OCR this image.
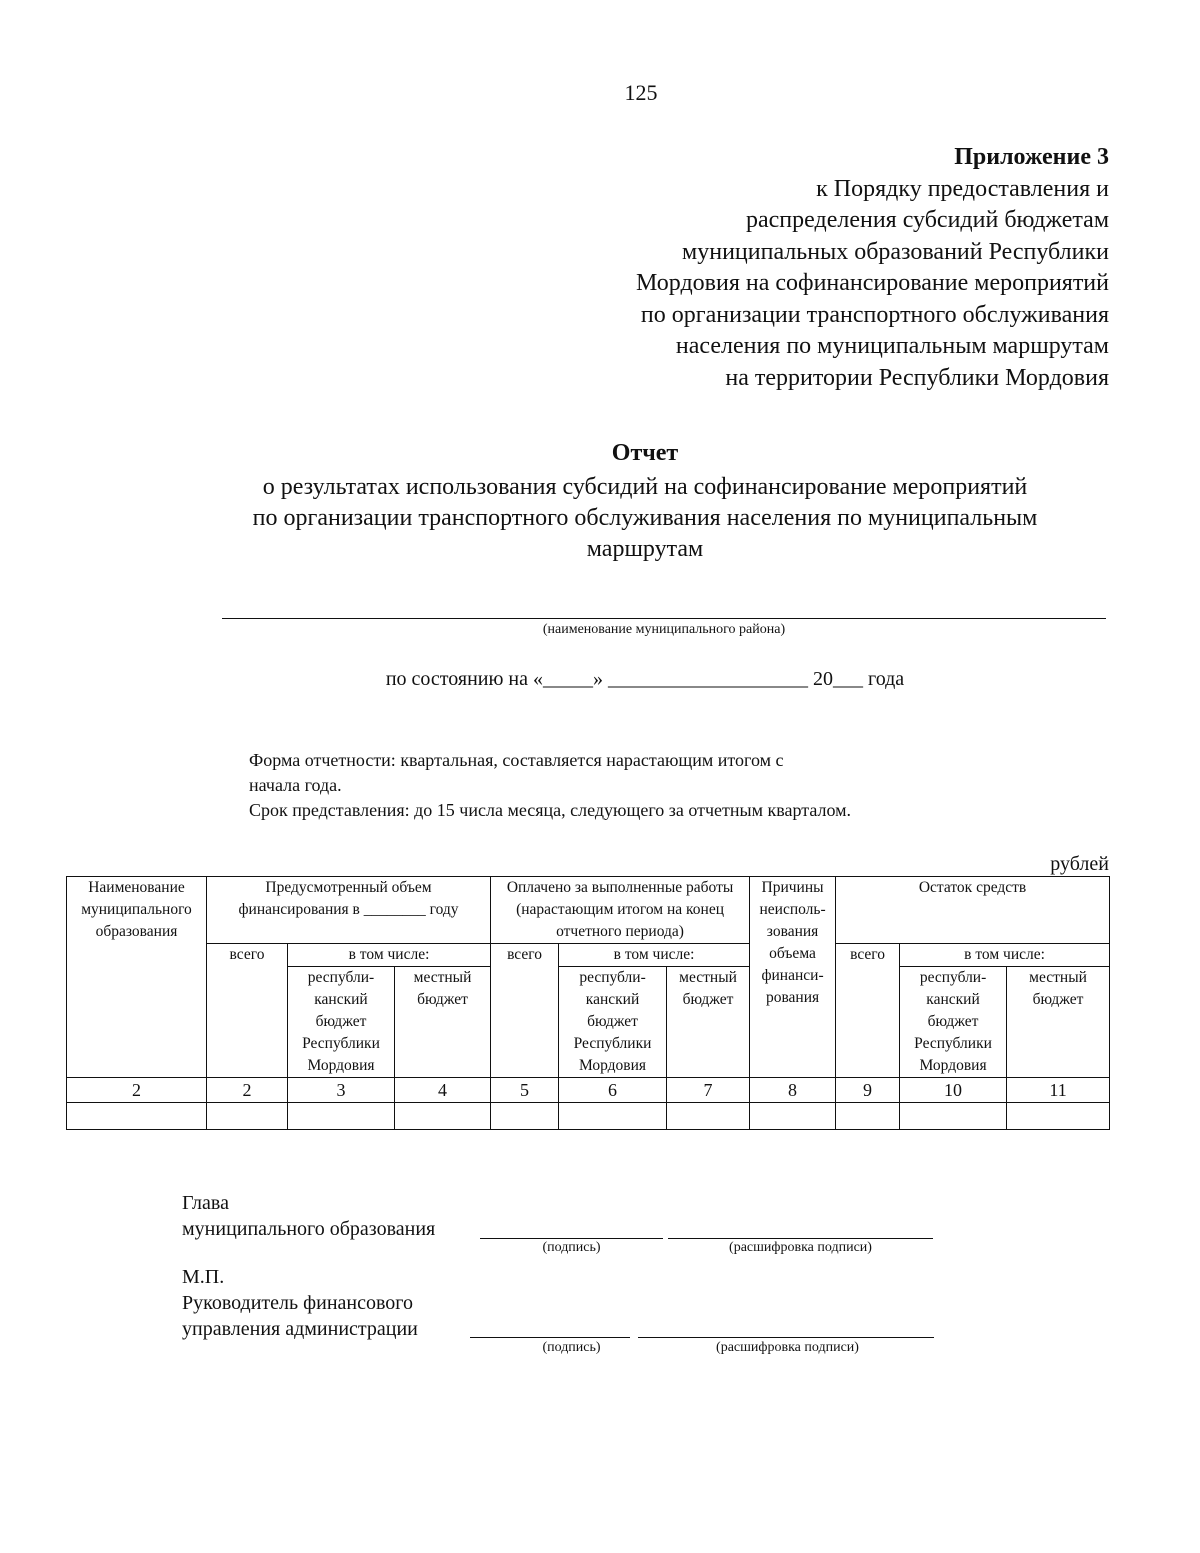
125
Приложение 3
к Порядку предоставления и
распределения субсидий бюджетам
муниципальных образований Республики
Мордовия на софинансирование мероприятий
по организации транспортного обслуживания
населения по муниципальным маршрутам
на территории Республики Мордовия
Отчет
о результатах использования субсидий на софинансирование мероприятий
по организации транспортного обслуживания населения по муниципальным
маршрутам
(наименование муниципального района)
по состоянию на «_____» ____________________ 20___ года
Форма отчетности: квартальная, составляется нарастающим итогом с
начала года.
Срок представления: до 15 числа месяца, следующего за отчетным кварталом.
рублей
Наименование муниципального образования	Предусмотренный объем финансирования в ________ году			Оплачено за выполненные работы (нарастающим итогом на конец отчетного периода)			Причины неисполь-зования объема финанси-рования	Остаток средств		
	всего	в том числе:		всего	в том числе:			всего	в том числе:	
		республи-канский бюджет Республики Мордовия	местный бюджет		республи-канский бюджет Республики Мордовия	местный бюджет			республи-канский бюджет Республики Мордовия	местный бюджет
2	2	3	4	5	6	7	8	9	10	11

Глава
муниципального образования
(подпись)	(расшифровка подписи)
М.П.
Руководитель финансового
управления администрации
(подпись)	(расшифровка подписи)
